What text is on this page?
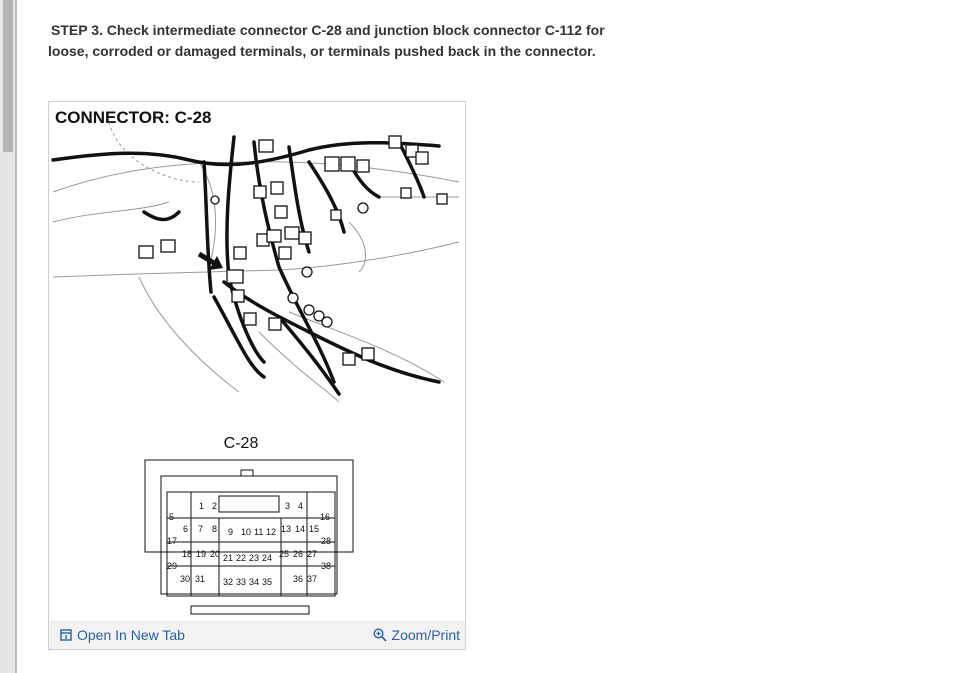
STEP 3. Check intermediate connector C-28 and junction block connector C-112 for loose, corroded or damaged terminals, or terminals pushed back in the connector.
CONNECTOR: C-28
C-28
1 2	3 4
5
6 7 8 9 10 11 12 13 14 15
16
17
18 19 20 21 22 23 24 25 26 27
28
29
30 31 32 33 34 35 36 37
38
Open In New Tab	Zoom/Print
